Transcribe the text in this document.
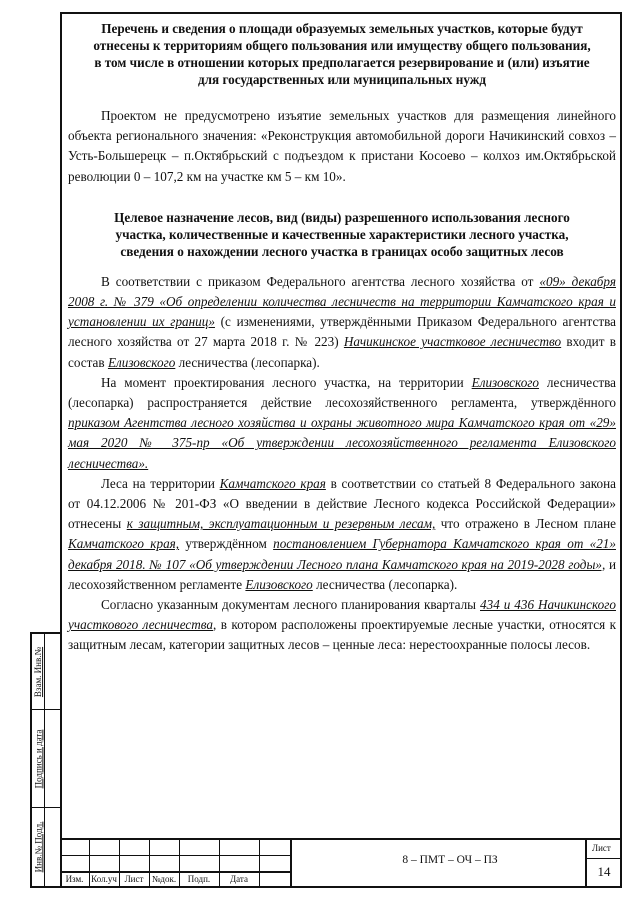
Взам. Инв.№
Подпись и дата
Инв.№ Подл.
Перечень и сведения о площади образуемых земельных участков, которые будут отнесены к территориям общего пользования или имуществу общего пользования, в том числе в отношении которых предполагается резервирование и (или) изъятие для государственных или муниципальных нужд

Проектом не предусмотрено изъятие земельных участков для размещения линейного объекта регионального значения: «Реконструкция автомобильной дороги Начикинский совхоз – Усть-Большерецк – п.Октябрьский с подъездом к пристани Косоево – колхоз им.Октябрьской революции 0 – 107,2 км на участке км 5 – км 10».

Целевое назначение лесов, вид (виды) разрешенного использования лесного участка, количественные и качественные характеристики лесного участка, сведения о нахождении лесного участка в границах особо защитных лесов

В соответствии с приказом Федерального агентства лесного хозяйства от «09» декабря 2008 г. № 379 «Об определении количества лесничеств на территории Камчатского края и установлении их границ» (с изменениями, утверждёнными Приказом Федерального агентства лесного хозяйства от 27 марта 2018 г. № 223) Начикинское участковое лесничество входит в состав Елизовского лесничества (лесопарка).

На момент проектирования лесного участка, на территории Елизовского лесничества (лесопарка) распространяется действие лесохозяйственного регламента, утверждённого приказом Агентства лесного хозяйства и охраны животного мира Камчатского края от «29» мая 2020 № 375-пр «Об утверждении лесохозяйственного регламента Елизовского лесничества».

Леса на территории Камчатского края в соответствии со статьей 8 Федерального закона от 04.12.2006 № 201-ФЗ «О введении в действие Лесного кодекса Российской Федерации» отнесены к защитным, эксплуатационным и резервным лесам, что отражено в Лесном плане Камчатского края, утверждённом постановлением Губернатора Камчатского края от «21» декабря 2018. № 107 «Об утверждении Лесного плана Камчатского края на 2019-2028 годы», и лесохозяйственном регламенте Елизовского лесничества (лесопарка).

Согласно указанным документам лесного планирования кварталы 434 и 436 Начикинского участкового лесничества, в котором расположены проектируемые лесные участки, относятся к защитным лесам, категории защитных лесов – ценные леса: нерестоохранные полосы лесов.

Изм. Кол.уч Лист №док.	Подп.	Дата
8 – ПМТ – ОЧ – ПЗ
Лист
14
